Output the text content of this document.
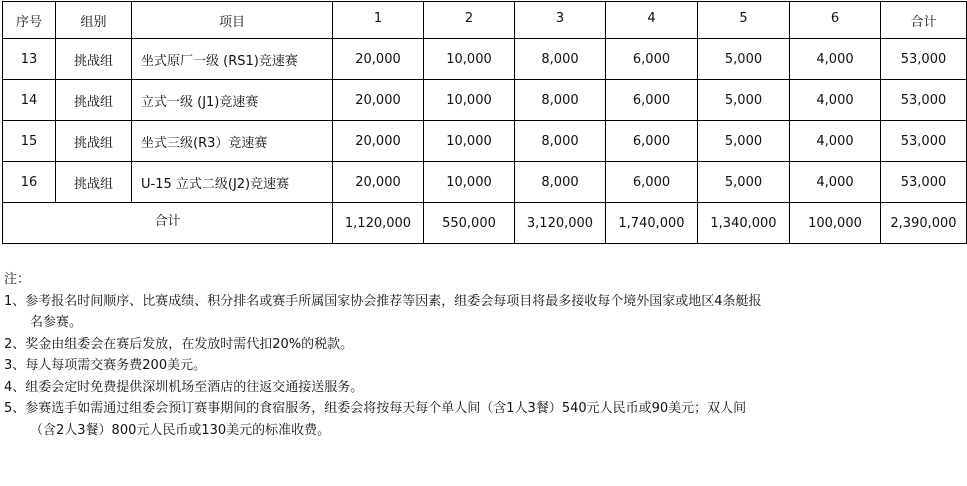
序号	组别	项目	1	2	3	4	5	6	合计
13	挑战组	坐式原厂一级 (RS1)竞速赛	20,000	10,000	8,000	6,000	5,000	4,000	53,000
14	挑战组	立式一级 (J1)竞速赛	20,000	10,000	8,000	6,000	5,000	4,000	53,000
15	挑战组	坐式三级(R3）竞速赛	20,000	10,000	8,000	6,000	5,000	4,000	53,000
16	挑战组	U-15 立式二级(J2)竞速赛	20,000	10,000	8,000	6,000	5,000	4,000	53,000
合计			1,120,000	550,000	3,120,000	1,740,000	1,340,000	100,000	2,390,000
注：
1、参考报名时间顺序、比赛成绩、积分排名或赛手所属国家协会推荐等因素，组委会每项目将最多接收每个境外国家或地区4条艇报
名参赛。
2、奖金由组委会在赛后发放，在发放时需代扣20%的税款。
3、每人每项需交赛务费200美元。
4、组委会定时免费提供深圳机场至酒店的往返交通接送服务。
5、参赛选手如需通过组委会预订赛事期间的食宿服务，组委会将按每天每个单人间（含1人3餐）540元人民币或90美元；双人间
（含2人3餐）800元人民币或130美元的标准收费。
